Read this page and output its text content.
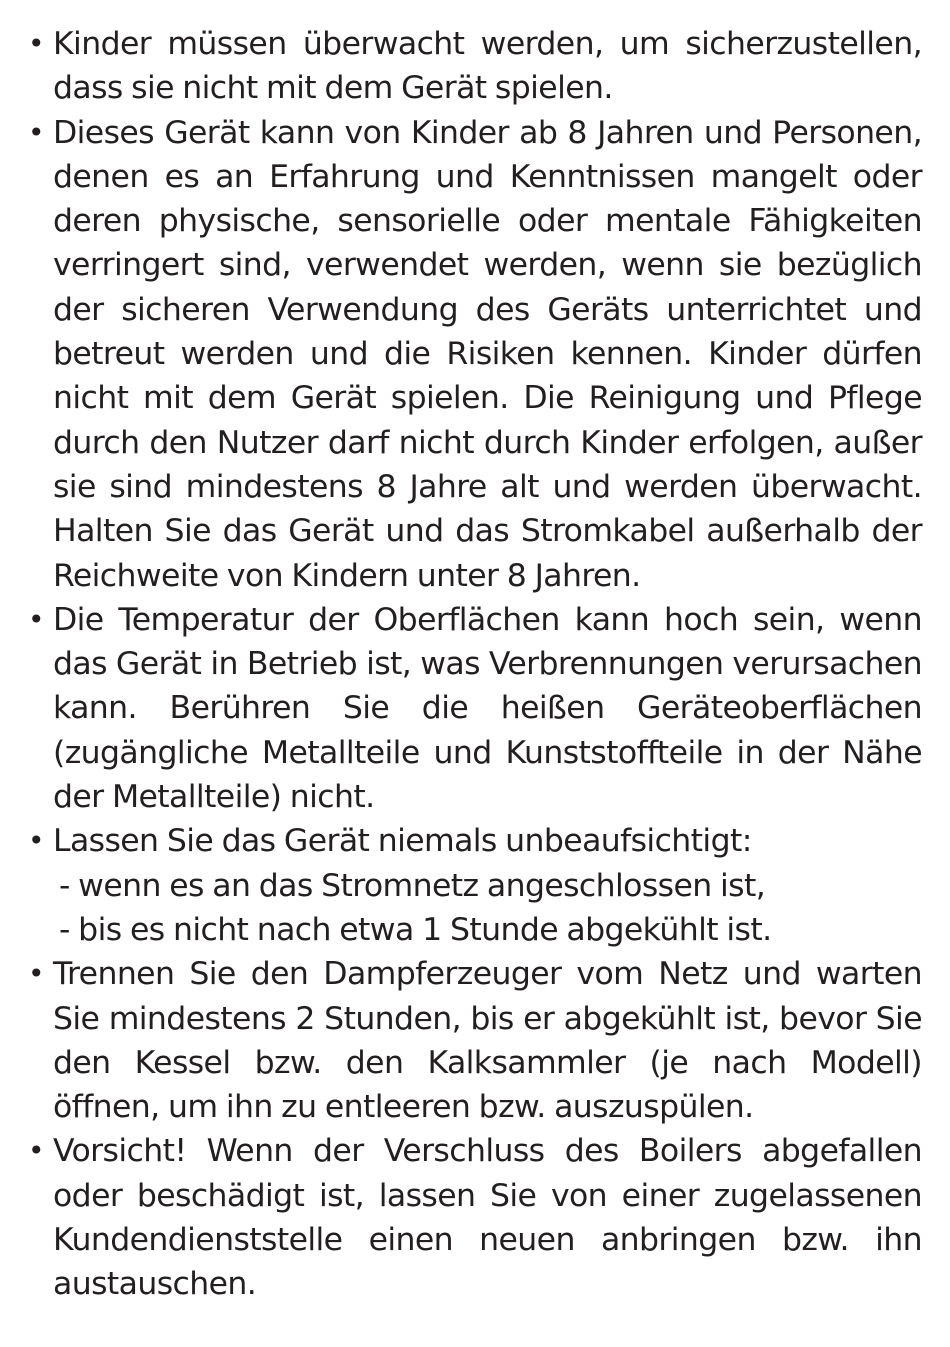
• Kinder müssen überwacht werden, um sicherzustellen, dass sie nicht mit dem Gerät spielen.
• Dieses Gerät kann von Kinder ab 8 Jahren und Personen, denen es an Erfahrung und Kenntnissen mangelt oder deren physische, sensorielle oder mentale Fähigkeiten verringert sind, verwendet werden, wenn sie bezüglich der sicheren Verwendung des Geräts unterrichtet und betreut werden und die Risiken kennen. Kinder dürfen nicht mit dem Gerät spielen. Die Reinigung und Pflege durch den Nutzer darf nicht durch Kinder erfolgen, außer sie sind mindestens 8 Jahre alt und werden überwacht. Halten Sie das Gerät und das Stromkabel außerhalb der Reichweite von Kindern unter 8 Jahren.
• Die Temperatur der Oberflächen kann hoch sein, wenn das Gerät in Betrieb ist, was Verbrennungen verursachen kann. Berühren Sie die heißen Geräteoberflächen (zugängliche Metallteile und Kunststoffteile in der Nähe der Metallteile) nicht.
• Lassen Sie das Gerät niemals unbeaufsichtigt:
- wenn es an das Stromnetz angeschlossen ist,
- bis es nicht nach etwa 1 Stunde abgekühlt ist.
• Trennen Sie den Dampferzeuger vom Netz und warten Sie mindestens 2 Stunden, bis er abgekühlt ist, bevor Sie den Kessel bzw. den Kalksammler (je nach Modell) öffnen, um ihn zu entleeren bzw. auszuspülen.
• Vorsicht! Wenn der Verschluss des Boilers abgefallen oder beschädigt ist, lassen Sie von einer zugelassenen Kundendienststelle einen neuen anbringen bzw. ihn austauschen.
